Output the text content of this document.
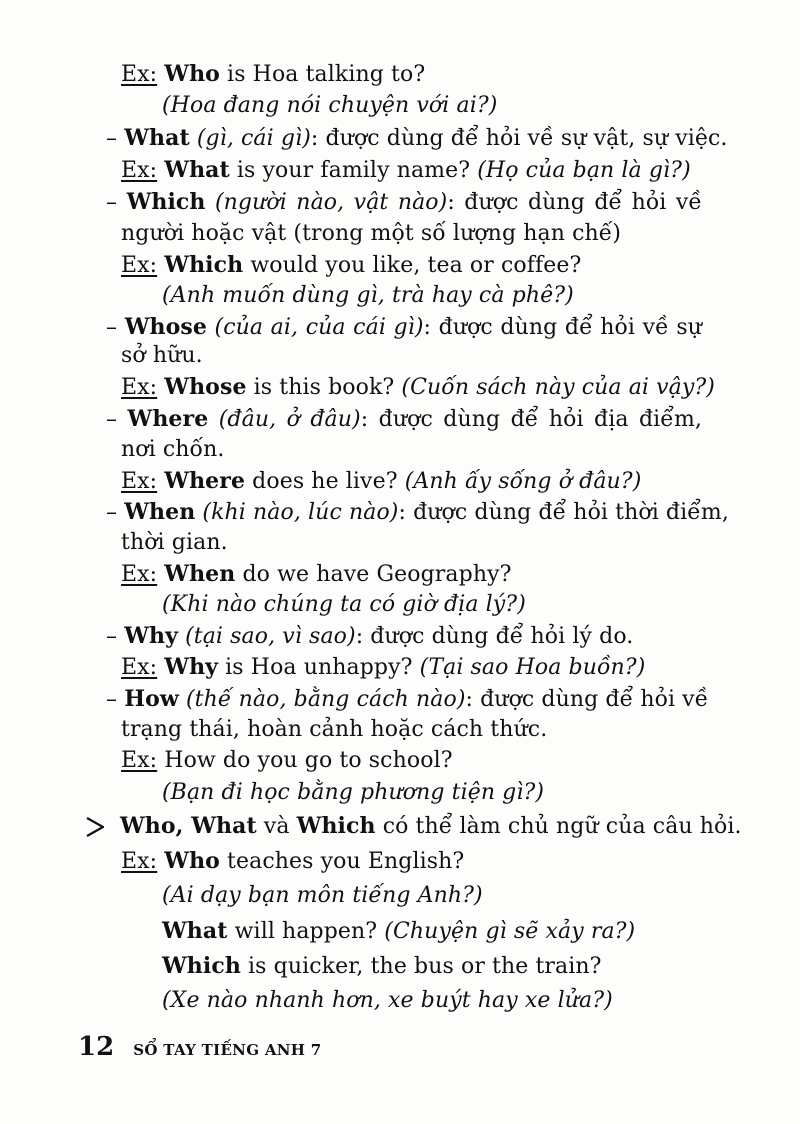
Ex: Who is Hoa talking to?
(Hoa đang nói chuyện với ai?)
– What (gì, cái gì): được dùng để hỏi về sự vật, sự việc.
Ex: What is your family name? (Họ của bạn là gì?)
– Which (người nào, vật nào): được dùng để hỏi về
người hoặc vật (trong một số lượng hạn chế)
Ex: Which would you like, tea or coffee?
(Anh muốn dùng gì, trà hay cà phê?)
– Whose (của ai, của cái gì): được dùng để hỏi về sự
sở hữu.
Ex: Whose is this book? (Cuốn sách này của ai vậy?)
– Where (đâu, ở đâu): được dùng để hỏi địa điểm,
nơi chốn.
Ex: Where does he live? (Anh ấy sống ở đâu?)
– When (khi nào, lúc nào): được dùng để hỏi thời điểm,
thời gian.
Ex: When do we have Geography?
(Khi nào chúng ta có giờ địa lý?)
– Why (tại sao, vì sao): được dùng để hỏi lý do.
Ex: Why is Hoa unhappy? (Tại sao Hoa buồn?)
– How (thế nào, bằng cách nào): được dùng để hỏi về
trạng thái, hoàn cảnh hoặc cách thức.
Ex: How do you go to school?
(Bạn đi học bằng phương tiện gì?)
Who, What và Which có thể làm chủ ngữ của câu hỏi.
Ex: Who teaches you English?
(Ai dạy bạn môn tiếng Anh?)
What will happen? (Chuyện gì sẽ xảy ra?)
Which is quicker, the bus or the train?
(Xe nào nhanh hơn, xe buýt hay xe lửa?)
12 SỔ TAY TIẾNG ANH 7
